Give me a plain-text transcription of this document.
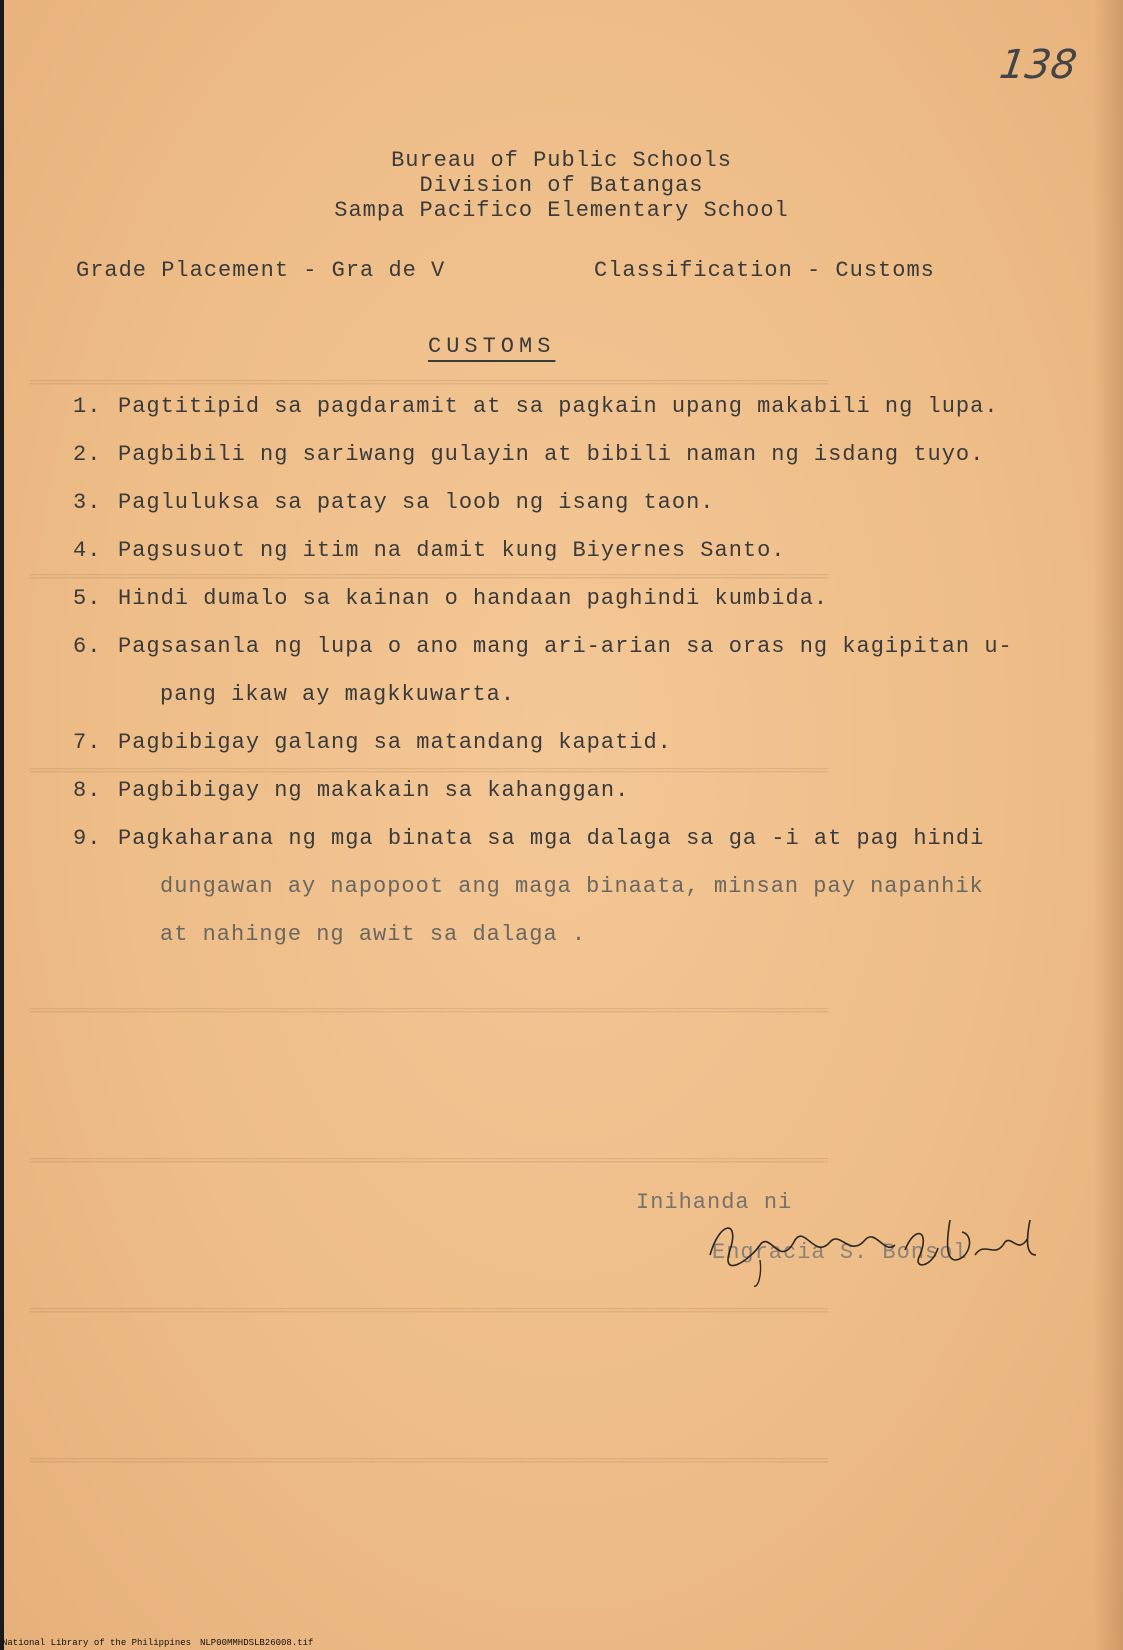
══════════════════════════════════════════════════════════════════════
══════════════════════════════════════════════════════════════════════
══════════════════════════════════════════════════════════════════════
══════════════════════════════════════════════════════════════════════
══════════════════════════════════════════════════════════════════════
══════════════════════════════════════════════════════════════════════
══════════════════════════════════════════════════════════════════════
138
Bureau of Public Schools
Division of Batangas
Sampa Pacifico Elementary School
Grade Placement - Gra de V	Classification - Customs
CUSTOMS
1. Pagtitipid sa pagdaramit at sa pagkain upang makabili ng lupa.
2. Pagbibili ng sariwang gulayin at bibili naman ng isdang tuyo.
3. Pagluluksa sa patay sa loob ng isang taon.
4. Pagsusuot ng itim na damit kung Biyernes Santo.
5. Hindi dumalo sa kainan o handaan paghindi kumbida.
6. Pagsasanla ng lupa o ano mang ari-arian sa oras ng kagipitan u-
pang ikaw ay magkkuwarta.
7. Pagbibigay galang sa matandang kapatid.
8. Pagbibigay ng makakain sa kahanggan.
9. Pagkaharana ng mga binata sa mga dalaga sa ga -i at pag hindi
dungawan ay napopoot ang maga binaata, minsan pay napanhik
at nahinge ng awit sa dalaga .
Inihanda ni
Engracia S. Bonsol
National Library of the Philippines NLP00MMHDSLB26008.tif
